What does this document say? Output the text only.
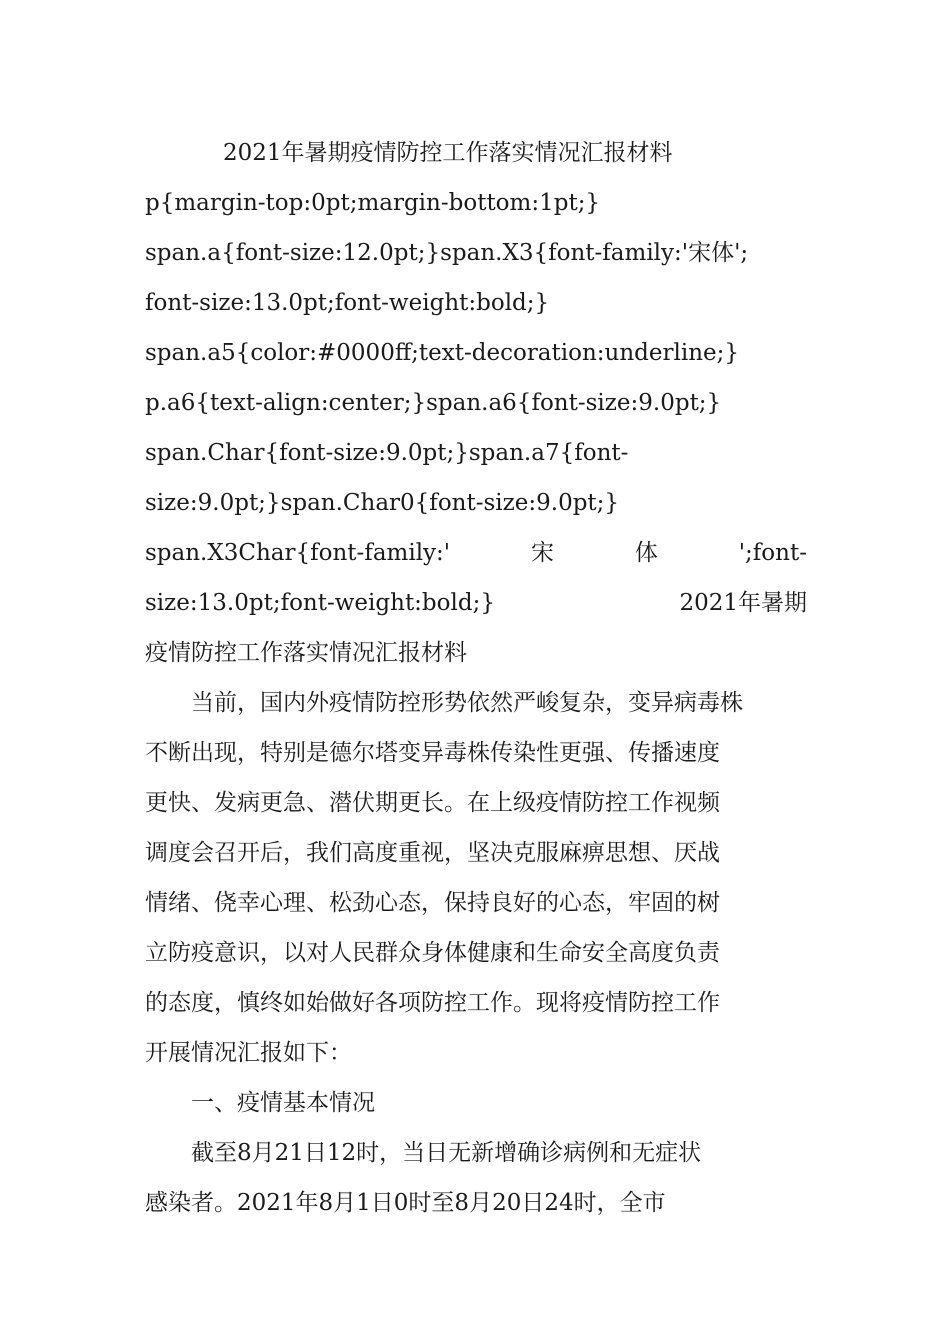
2021年暑期疫情防控工作落实情况汇报材料
p{margin-top:0pt;margin-bottom:1pt;}
span.a{font-size:12.0pt;}span.X3{font-family:'宋体';
font-size:13.0pt;font-weight:bold;}
span.a5{color:#0000ff;text-decoration:underline;}
p.a6{text-align:center;}span.a6{font-size:9.0pt;}
span.Char{font-size:9.0pt;}span.a7{font-
size:9.0pt;}span.Char0{font-size:9.0pt;}
span.X3Char{font-family:'	宋	体	';font-
size:13.0pt;font-weight:bold;}	2021年暑期
疫情防控工作落实情况汇报材料
当前，国内外疫情防控形势依然严峻复杂，变异病毒株
不断出现，特别是德尔塔变异毒株传染性更强、传播速度
更快、发病更急、潜伏期更长。在上级疫情防控工作视频
调度会召开后，我们高度重视，坚决克服麻痹思想、厌战
情绪、侥幸心理、松劲心态，保持良好的心态，牢固的树
立防疫意识，以对人民群众身体健康和生命安全高度负责
的态度，慎终如始做好各项防控工作。现将疫情防控工作
开展情况汇报如下：
一、疫情基本情况
截至8月21日12时，当日无新增确诊病例和无症状
感染者。2021年8月1日0时至8月20日24时，全市
